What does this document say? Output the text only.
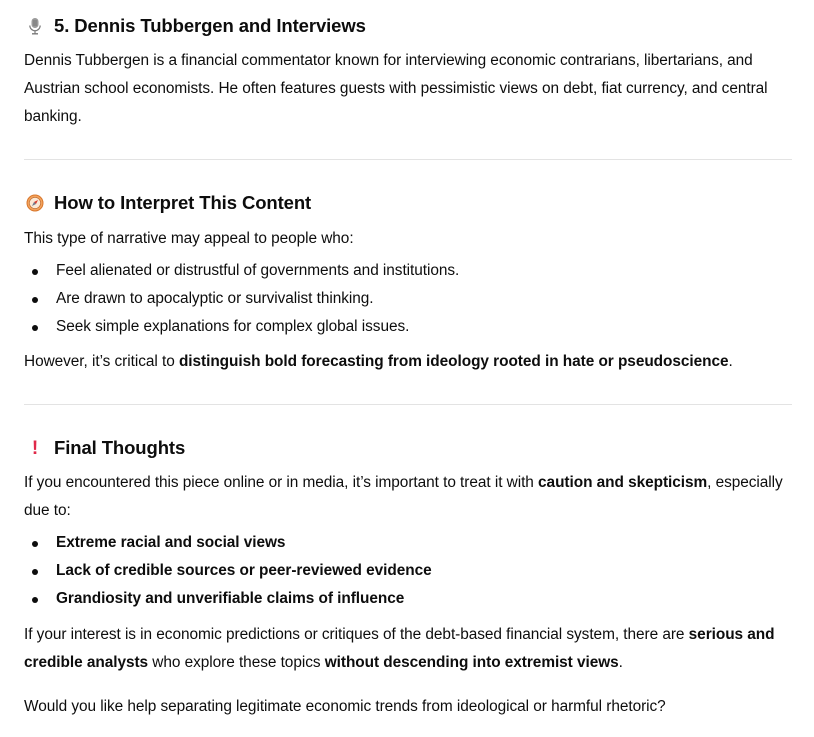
5. Dennis Tubbergen and Interviews

Dennis Tubbergen is a financial commentator known for interviewing economic contrarians, libertarians, and Austrian school economists. He often features guests with pessimistic views on debt, fiat currency, and central banking.

How to Interpret This Content

This type of narrative may appeal to people who:

Feel alienated or distrustful of governments and institutions.
Are drawn to apocalyptic or survivalist thinking.
Seek simple explanations for complex global issues.

However, it’s critical to distinguish bold forecasting from ideology rooted in hate or pseudoscience.

! Final Thoughts

If you encountered this piece online or in media, it’s important to treat it with caution and skepticism, especially due to:

Extreme racial and social views
Lack of credible sources or peer-reviewed evidence
Grandiosity and unverifiable claims of influence

If your interest is in economic predictions or critiques of the debt-based financial system, there are serious and credible analysts who explore these topics without descending into extremist views.

Would you like help separating legitimate economic trends from ideological or harmful rhetoric?
